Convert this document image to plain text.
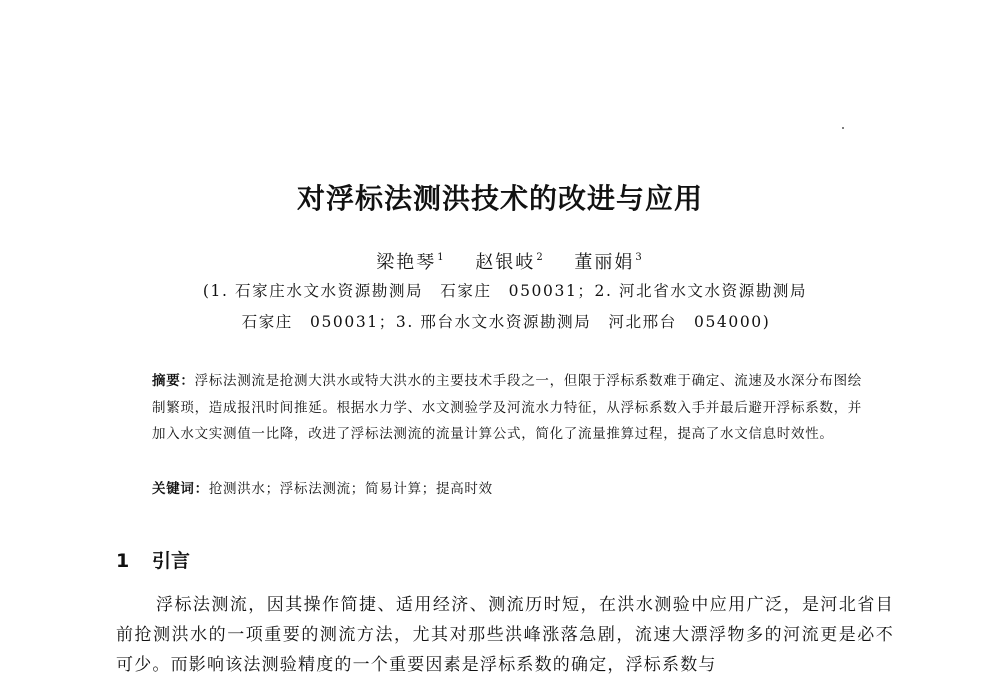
对浮标法测洪技术的改进与应用
梁艳琴$^1$ 赵银岐$^2$ 董丽娟$^3$
(1. 石家庄水文水资源勘测局　石家庄　050031；2. 河北省水文水资源勘测局
石家庄　050031；3. 邢台水文水资源勘测局　河北邢台　054000)
摘要：浮标法测流是抢测大洪水或特大洪水的主要技术手段之一，但限于浮标系数难于确定、流速及水深分布图绘制繁琐，造成报汛时间推延。根据水力学、水文测验学及河流水力特征，从浮标系数入手并最后避开浮标系数，并加入水文实测值一比降，改进了浮标法测流的流量计算公式，简化了流量推算过程，提高了水文信息时效性。
关键词：抢测洪水；浮标法测流；简易计算；提高时效
1 引言
浮标法测流，因其操作简捷、适用经济、测流历时短，在洪水测验中应用广泛，是河北省目前抢测洪水的一项重要的测流方法，尤其对那些洪峰涨落急剧，流速大漂浮物多的河流更是必不可少。而影响该法测验精度的一个重要因素是浮标系数的确定，浮标系数与
